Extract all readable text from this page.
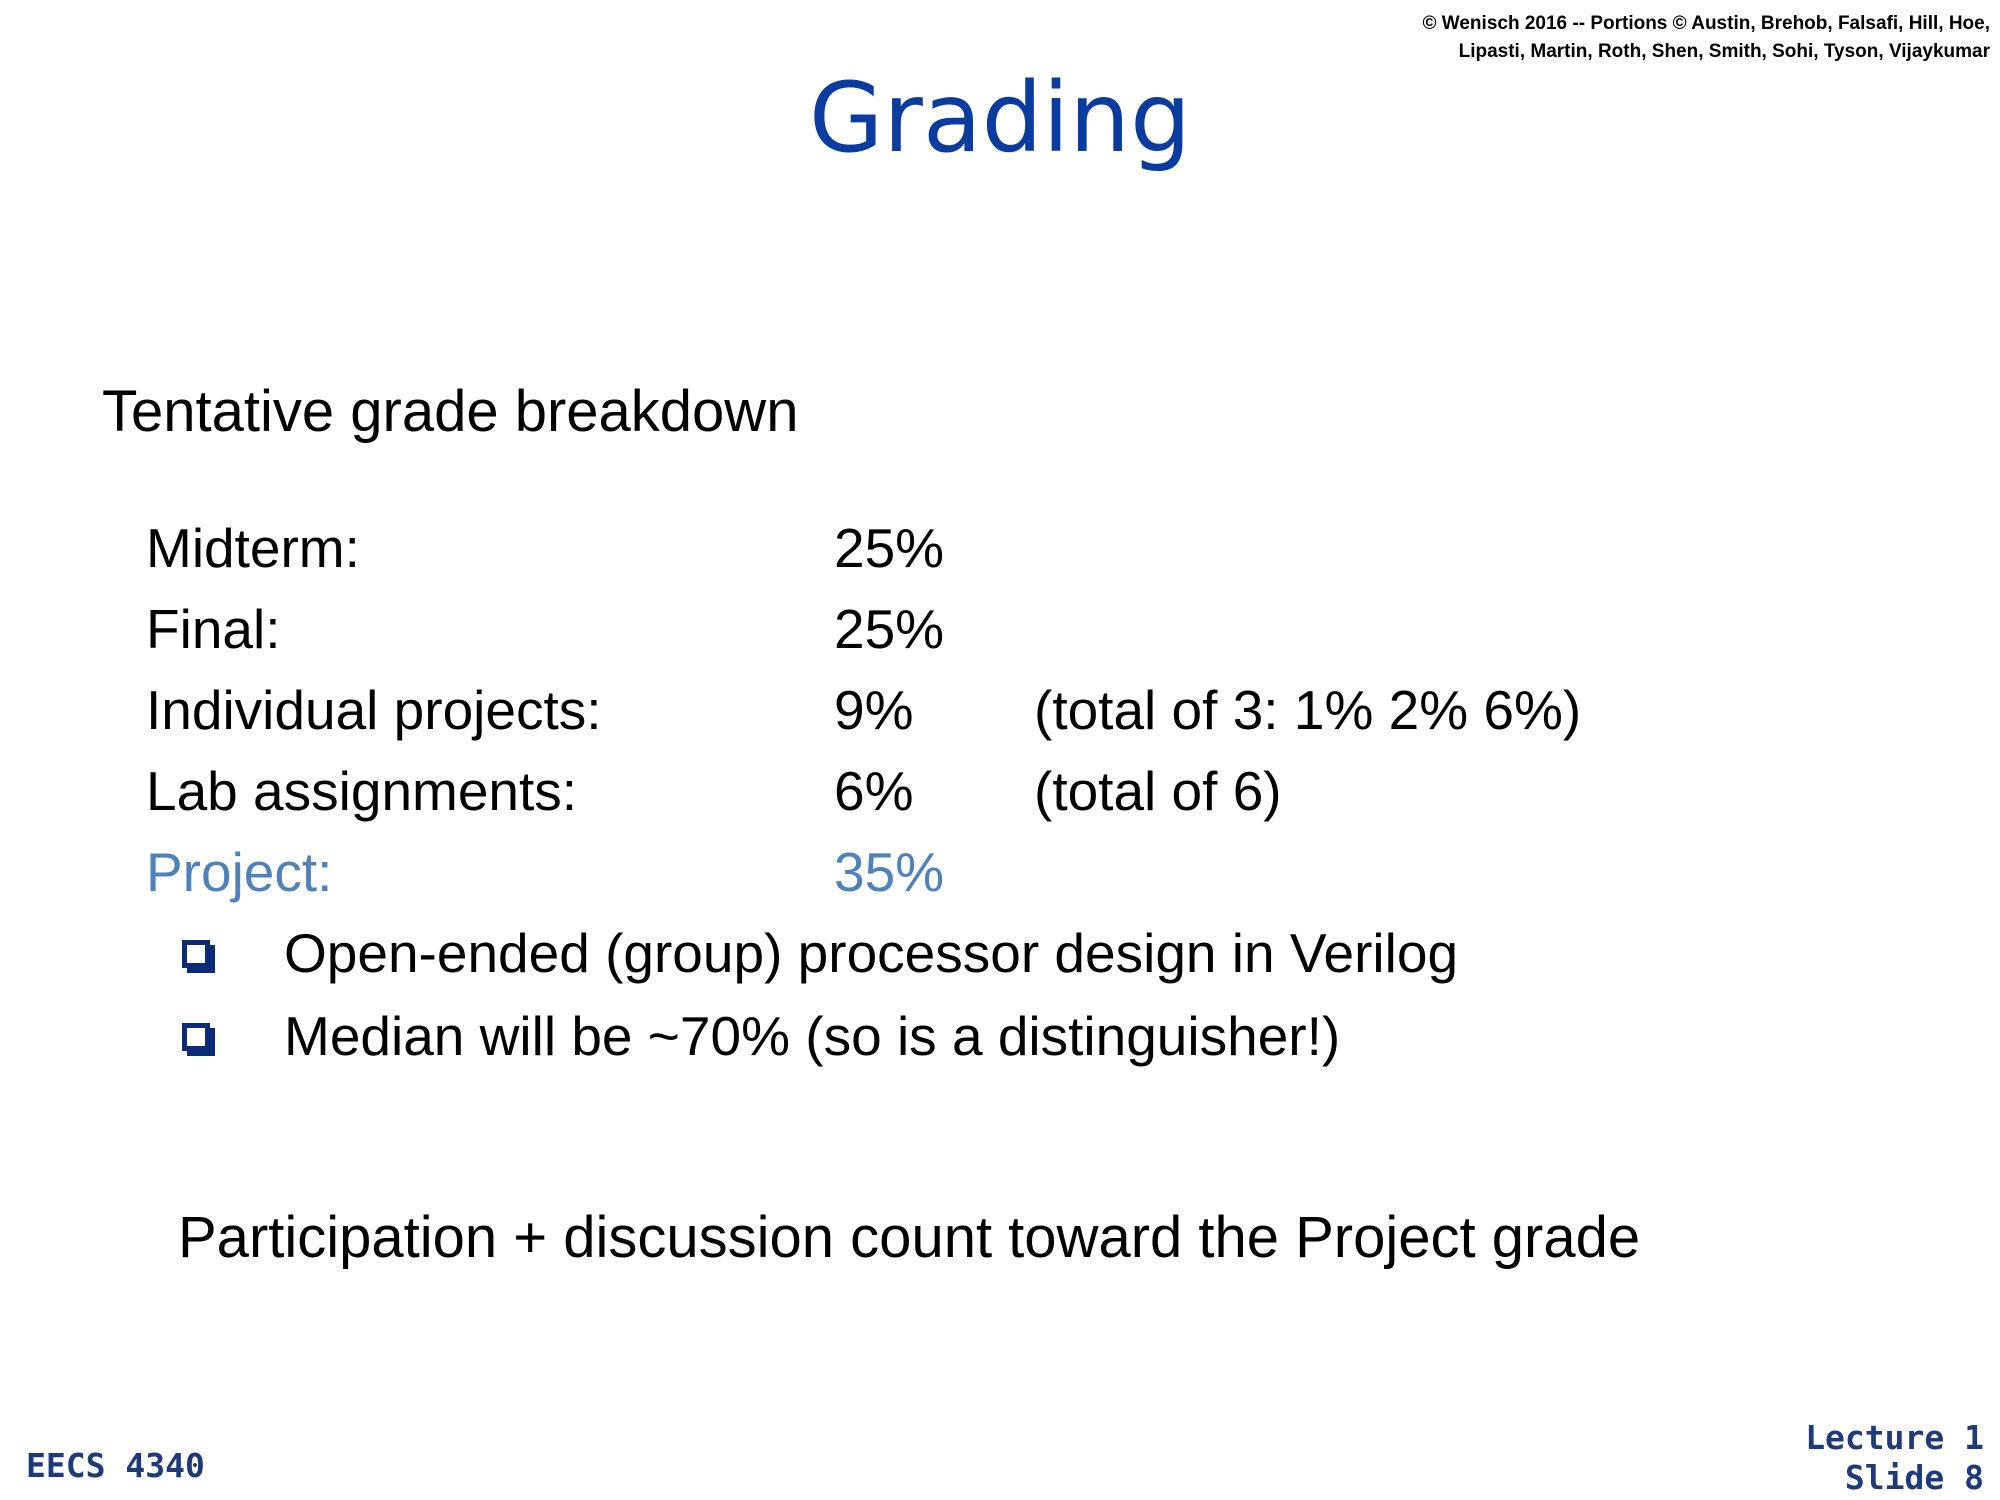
© Wenisch 2016 -- Portions © Austin, Brehob, Falsafi, Hill, Hoe,
Lipasti, Martin, Roth, Shen, Smith, Sohi, Tyson, Vijaykumar
Grading
Tentative grade breakdown
Midterm:	25%
Final:	25%
Individual projects:	9% (total of 3: 1% 2% 6%)
Lab assignments:	6% (total of 6)
Project:	35%
Open-ended (group) processor design in Verilog
Median will be ~70% (so is a distinguisher!)
Participation + discussion count toward the Project grade
EECS 4340
Lecture 1
Slide 8
